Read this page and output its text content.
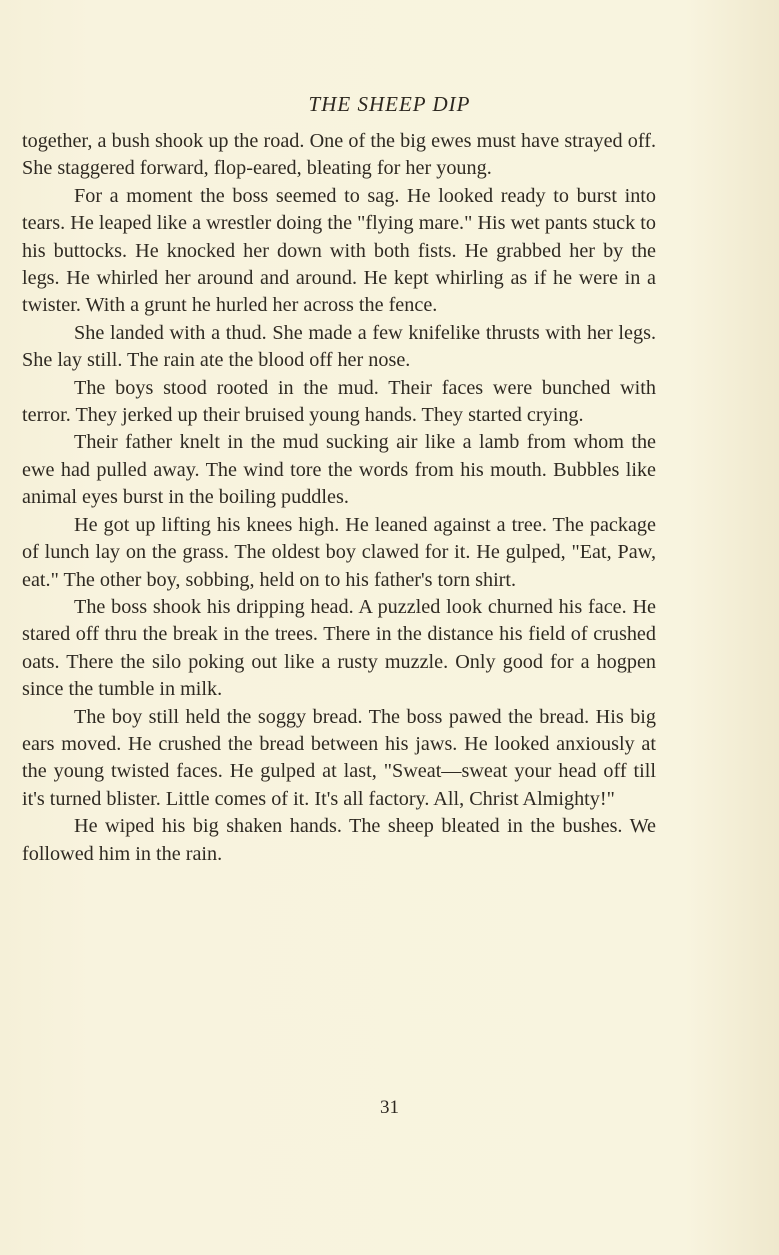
THE SHEEP DIP

together, a bush shook up the road. One of the big ewes must have strayed off. She staggered forward, flop-eared, bleating for her young.

For a moment the boss seemed to sag. He looked ready to burst into tears. He leaped like a wrestler doing the "flying mare." His wet pants stuck to his buttocks. He knocked her down with both fists. He grabbed her by the legs. He whirled her around and around. He kept whirling as if he were in a twister. With a grunt he hurled her across the fence.

She landed with a thud. She made a few knifelike thrusts with her legs. She lay still. The rain ate the blood off her nose.

The boys stood rooted in the mud. Their faces were bunched with terror. They jerked up their bruised young hands. They started crying.

Their father knelt in the mud sucking air like a lamb from whom the ewe had pulled away. The wind tore the words from his mouth. Bubbles like animal eyes burst in the boiling puddles.

He got up lifting his knees high. He leaned against a tree. The package of lunch lay on the grass. The oldest boy clawed for it. He gulped, "Eat, Paw, eat." The other boy, sobbing, held on to his father's torn shirt.

The boss shook his dripping head. A puzzled look churned his face. He stared off thru the break in the trees. There in the distance his field of crushed oats. There the silo poking out like a rusty muzzle. Only good for a hogpen since the tumble in milk.

The boy still held the soggy bread. The boss pawed the bread. His big ears moved. He crushed the bread between his jaws. He looked anxiously at the young twisted faces. He gulped at last, "Sweat—sweat your head off till it's turned blister. Little comes of it. It's all factory. All, Christ Almighty!"

He wiped his big shaken hands. The sheep bleated in the bushes. We followed him in the rain.

31
